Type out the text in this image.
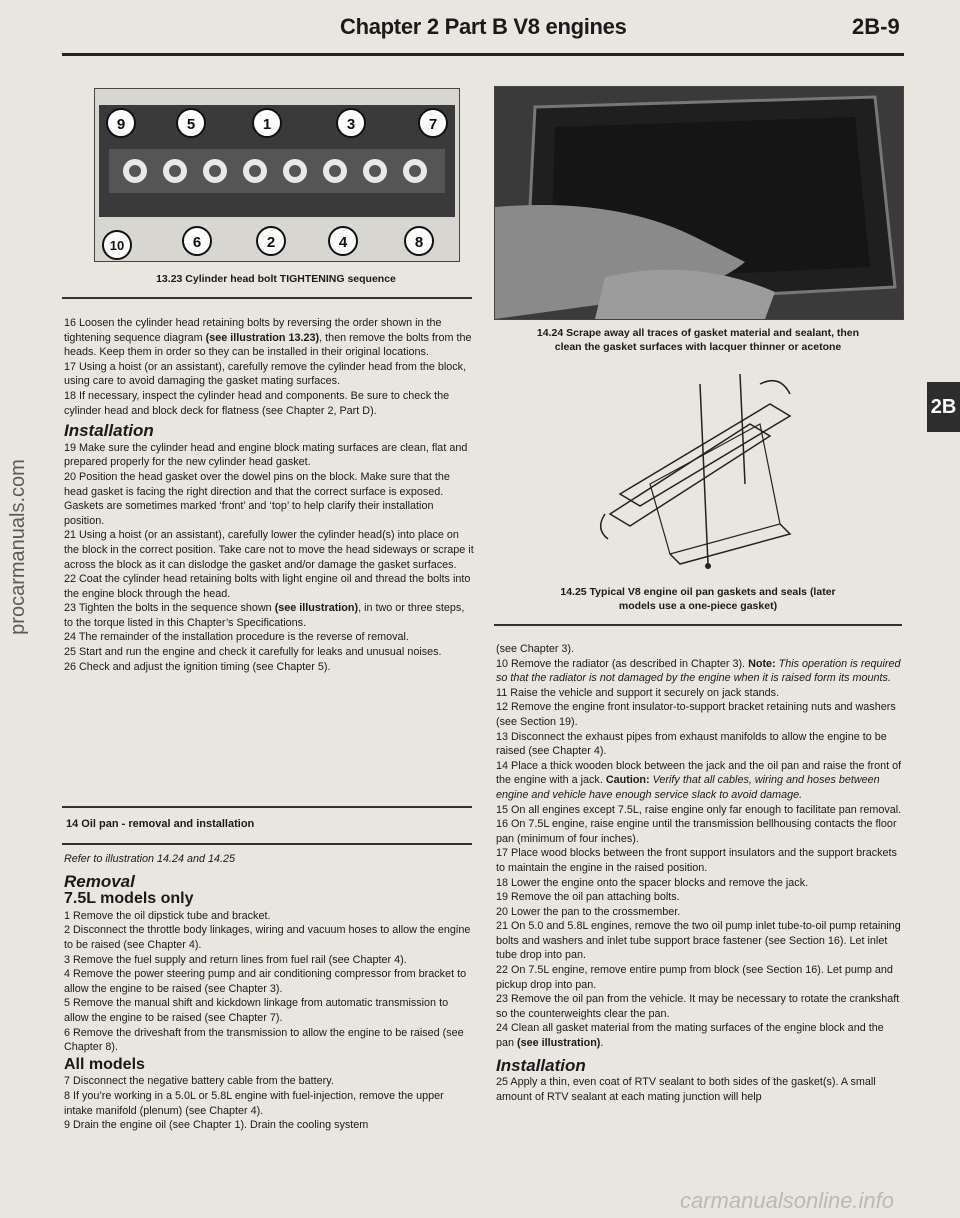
Chapter 2 Part B V8 engines	2B-9
2B
procarmanuals.com
carmanualsonline.info
9	5	1	3	7
10	6	2	4	8
13.23 Cylinder head bolt TIGHTENING sequence
14.24 Scrape away all traces of gasket material and sealant, then
clean the gasket surfaces with lacquer thinner or acetone
14.25 Typical V8 engine oil pan gaskets and seals (later
models use a one-piece gasket)

16 Loosen the cylinder head retaining bolts by reversing the order shown in the tightening sequence diagram (see illustration 13.23), then remove the bolts from the heads. Keep them in order so they can be installed in their original locations.

17 Using a hoist (or an assistant), carefully remove the cylinder head from the block, using care to avoid damaging the gasket mating surfaces.

18 If necessary, inspect the cylinder head and components. Be sure to check the cylinder head and block deck for flatness (see Chapter 2, Part D).

Installation

19 Make sure the cylinder head and engine block mating surfaces are clean, flat and prepared properly for the new cylinder head gasket.

20 Position the head gasket over the dowel pins on the block. Make sure that the head gasket is facing the right direction and that the correct surface is exposed. Gaskets are sometimes marked ‘front’ and ‘top’ to help clarify their installation position.

21 Using a hoist (or an assistant), carefully lower the cylinder head(s) into place on the block in the correct position. Take care not to move the head sideways or scrape it across the block as it can dislodge the gasket and/or damage the gasket surfaces.

22 Coat the cylinder head retaining bolts with light engine oil and thread the bolts into the engine block through the head.

23 Tighten the bolts in the sequence shown (see illustration), in two or three steps, to the torque listed in this Chapter’s Specifications.

24 The remainder of the installation procedure is the reverse of removal.

25 Start and run the engine and check it carefully for leaks and unusual noises.

26 Check and adjust the ignition timing (see Chapter 5).

14 Oil pan - removal and installation

Refer to illustration 14.24 and 14.25

Removal
7.5L models only

1 Remove the oil dipstick tube and bracket.

2 Disconnect the throttle body linkages, wiring and vacuum hoses to allow the engine to be raised (see Chapter 4).

3 Remove the fuel supply and return lines from fuel rail (see Chapter 4).

4 Remove the power steering pump and air conditioning compressor from bracket to allow the engine to be raised (see Chapter 3).

5 Remove the manual shift and kickdown linkage from automatic transmission to allow the engine to be raised (see Chapter 7).

6 Remove the driveshaft from the transmission to allow the engine to be raised (see Chapter 8).

All models

7 Disconnect the negative battery cable from the battery.

8 If you’re working in a 5.0L or 5.8L engine with fuel-injection, remove the upper intake manifold (plenum) (see Chapter 4).

9 Drain the engine oil (see Chapter 1). Drain the cooling system

(see Chapter 3).

10 Remove the radiator (as described in Chapter 3). Note: This operation is required so that the radiator is not damaged by the engine when it is raised form its mounts.

11 Raise the vehicle and support it securely on jack stands.

12 Remove the engine front insulator-to-support bracket retaining nuts and washers (see Section 19).

13 Disconnect the exhaust pipes from exhaust manifolds to allow the engine to be raised (see Chapter 4).

14 Place a thick wooden block between the jack and the oil pan and raise the front of the engine with a jack. Caution: Verify that all cables, wiring and hoses between engine and vehicle have enough service slack to avoid damage.

15 On all engines except 7.5L, raise engine only far enough to facilitate pan removal.

16 On 7.5L engine, raise engine until the transmission bellhousing contacts the floor pan (minimum of four inches).

17 Place wood blocks between the front support insulators and the support brackets to maintain the engine in the raised position.

18 Lower the engine onto the spacer blocks and remove the jack.

19 Remove the oil pan attaching bolts.

20 Lower the pan to the crossmember.

21 On 5.0 and 5.8L engines, remove the two oil pump inlet tube-to-oil pump retaining bolts and washers and inlet tube support brace fastener (see Section 16). Let inlet tube drop into pan.

22 On 7.5L engine, remove entire pump from block (see Section 16). Let pump and pickup drop into pan.

23 Remove the oil pan from the vehicle. It may be necessary to rotate the crankshaft so the counterweights clear the pan.

24 Clean all gasket material from the mating surfaces of the engine block and the pan (see illustration).

Installation

25 Apply a thin, even coat of RTV sealant to both sides of the gasket(s). A small amount of RTV sealant at each mating junction will help
